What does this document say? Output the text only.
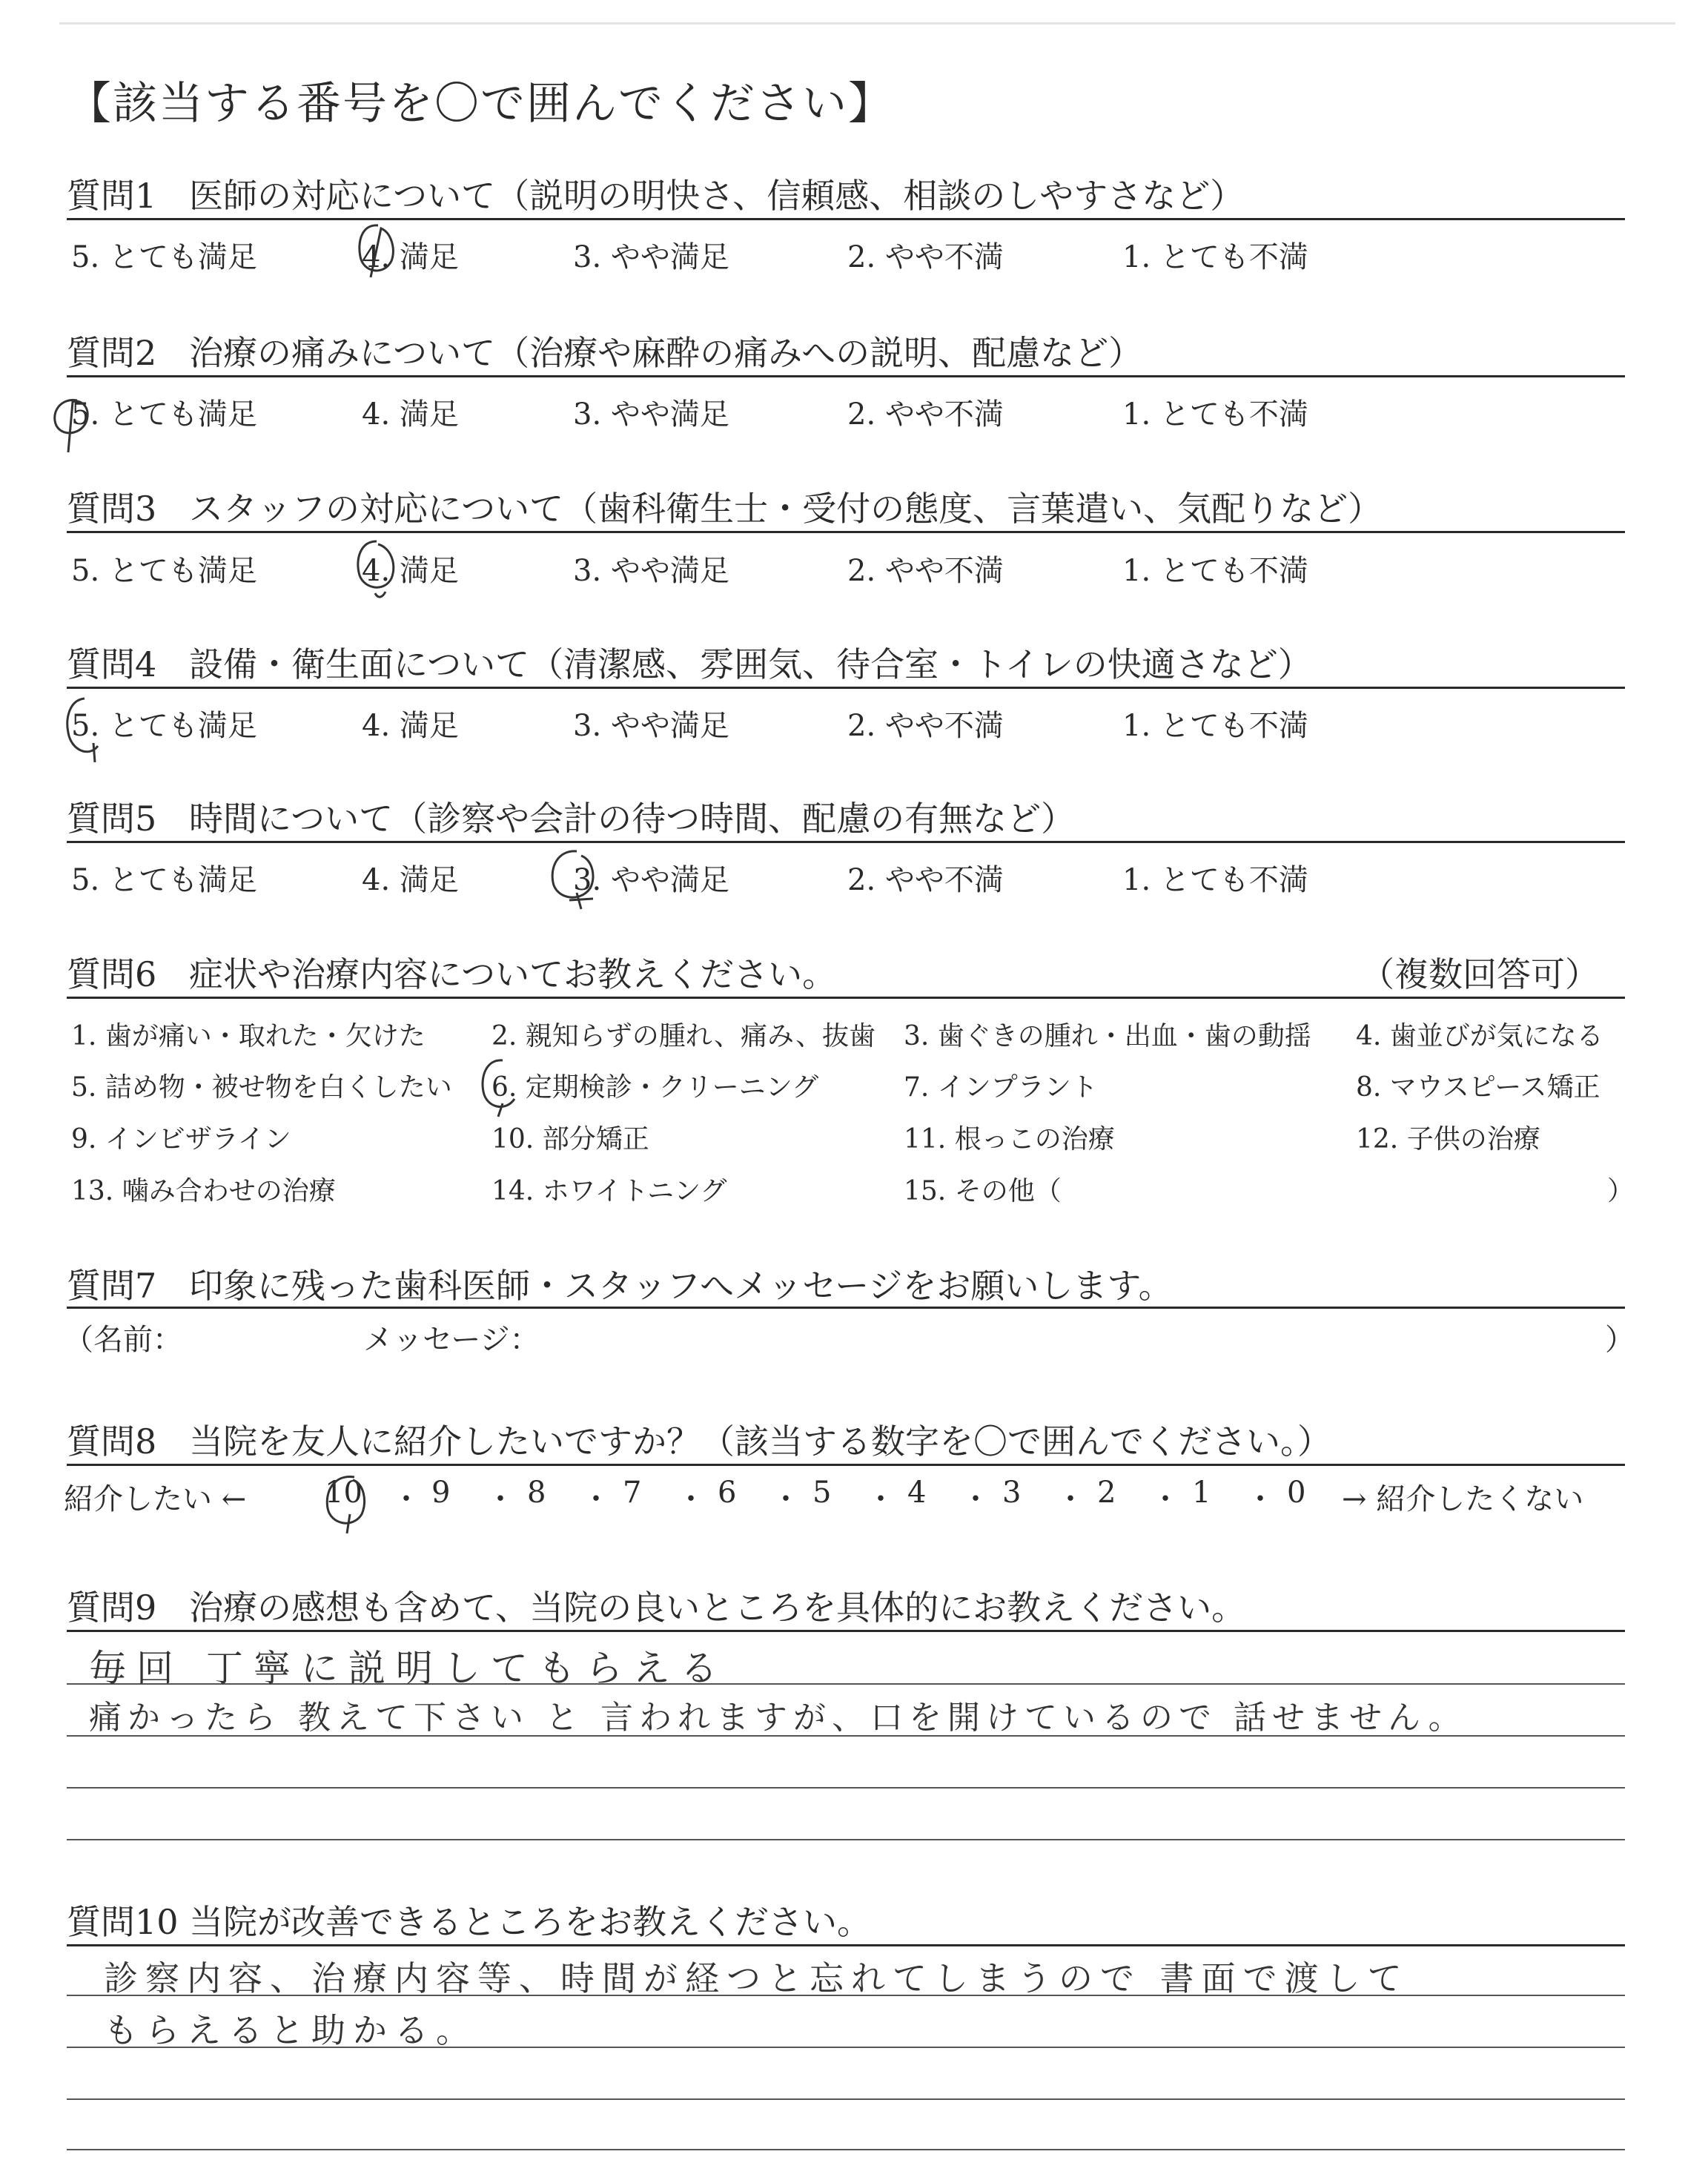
【該当する番号を〇で囲んでください】
質問1 医師の対応について（説明の明快さ、信頼感、相談のしやすさなど）
5. とても満足	4. 満足	3. やや満足	2. やや不満	1. とても不満
質問2 治療の痛みについて（治療や麻酔の痛みへの説明、配慮など）
5. とても満足	4. 満足	3. やや満足	2. やや不満	1. とても不満
質問3 スタッフの対応について（歯科衛生士・受付の態度、言葉遣い、気配りなど）
5. とても満足	4. 満足	3. やや満足	2. やや不満	1. とても不満
質問4 設備・衛生面について（清潔感、雰囲気、待合室・トイレの快適さなど）
5. とても満足	4. 満足	3. やや満足	2. やや不満	1. とても不満
質問5 時間について（診察や会計の待つ時間、配慮の有無など）
5. とても満足	4. 満足	3. やや満足	2. やや不満	1. とても不満
質問6 症状や治療内容についてお教えください。	（複数回答可）
1. 歯が痛い・取れた・欠けた 2. 親知らずの腫れ、痛み、抜歯 3. 歯ぐきの腫れ・出血・歯の動揺 4. 歯並びが気になる
5. 詰め物・被せ物を白くしたい 6. 定期検診・クリーニング	7. インプラント	8. マウスピース矯正
9. インビザライン	10. 部分矯正	11. 根っこの治療	12. 子供の治療
13. 噛み合わせの治療	14. ホワイトニング	15. その他（	）
質問7 印象に残った歯科医師・スタッフへメッセージをお願いします。
（名前：	メッセージ：	）
質問8 当院を友人に紹介したいですか？（該当する数字を〇で囲んでください。）
紹介したい ←	10 ・ 9 ・ 8 ・ 7 ・ 6 ・ 5 ・ 4 ・ 3 ・ 2 ・ 1 ・ 0 → 紹介したくない
質問9 治療の感想も含めて、当院の良いところを具体的にお教えください。
毎回 丁寧に説明してもらえる
痛かったら 教えて下さい と 言われますが、口を開けているので 話せません。
質問10 当院が改善できるところをお教えください。
診察内容、治療内容等、時間が経つと忘れてしまうので 書面で渡して
もらえると助かる。
